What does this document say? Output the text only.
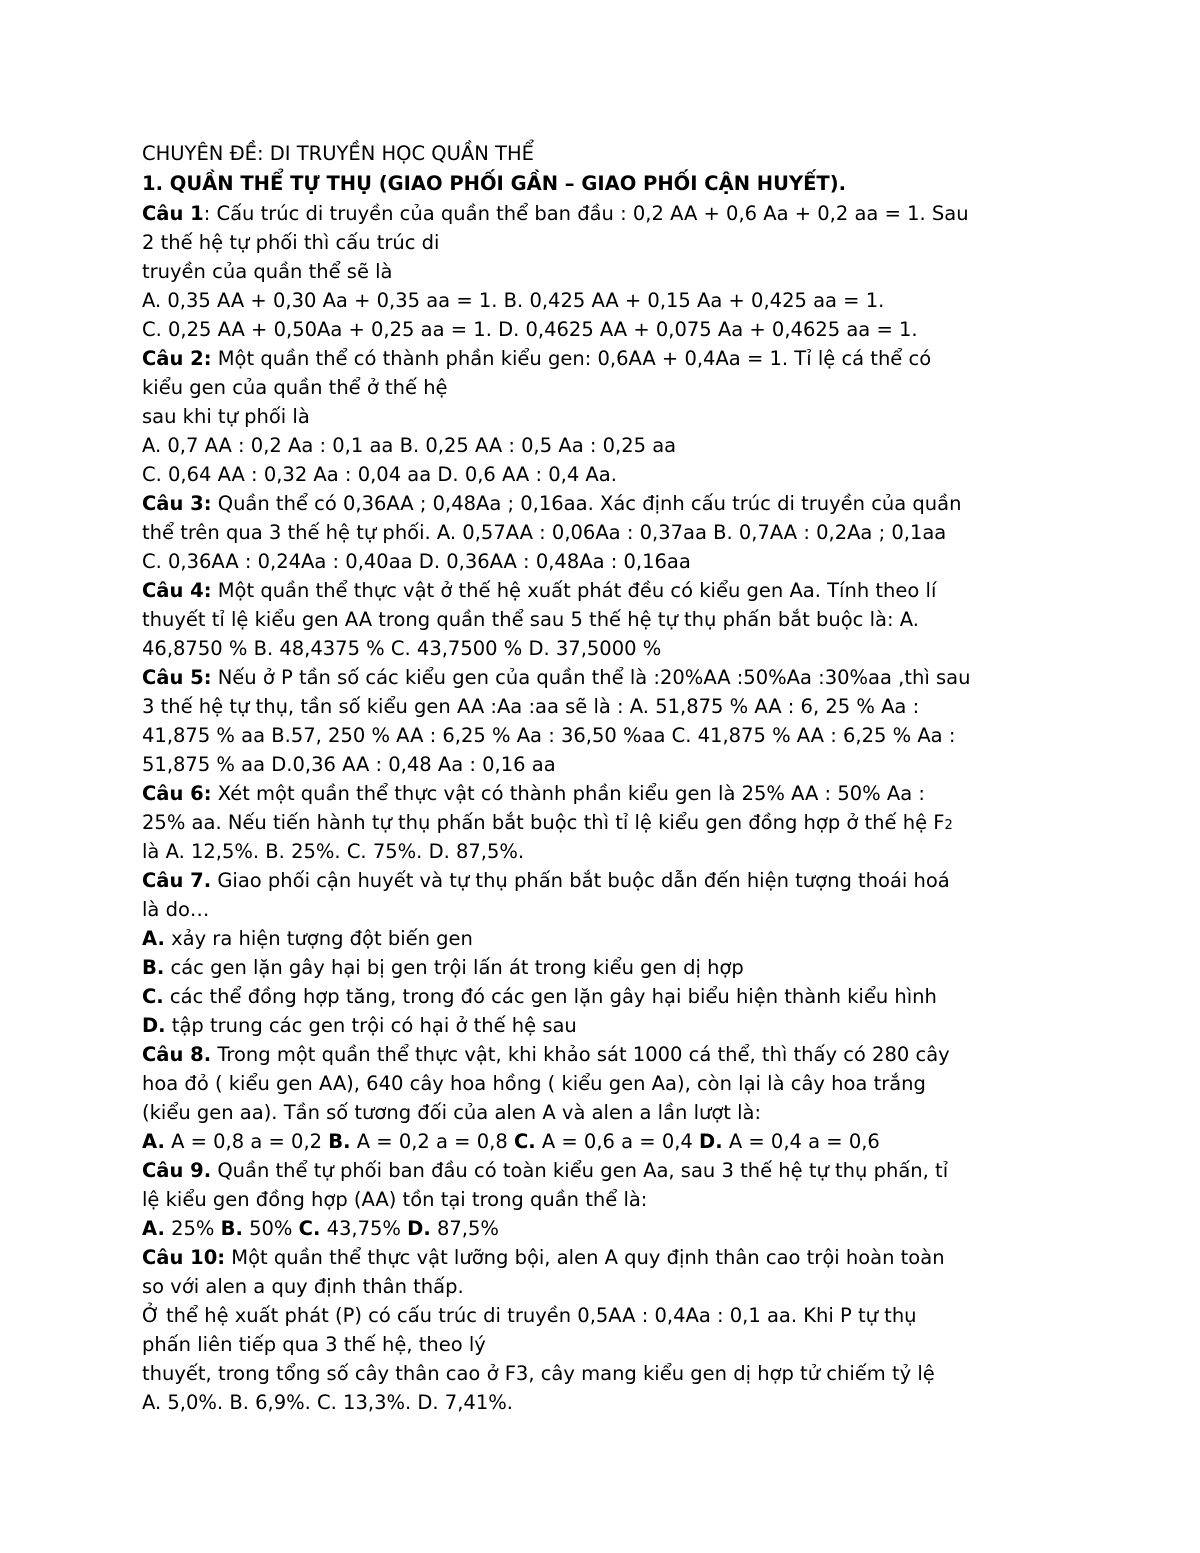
CHUYÊN ĐỀ: DI TRUYỀN HỌC QUẦN THỂ
1. QUẦN THỂ TỰ THỤ (GIAO PHỐI GẦN – GIAO PHỐI CẬN HUYẾT).
Câu 1: Cấu trúc di truyền của quần thể ban đầu : 0,2 AA + 0,6 Aa + 0,2 aa = 1. Sau
2 thế hệ tự phối thì cấu trúc di
truyền của quần thể sẽ là
A. 0,35 AA + 0,30 Aa + 0,35 aa = 1. B. 0,425 AA + 0,15 Aa + 0,425 aa = 1.
C. 0,25 AA + 0,50Aa + 0,25 aa = 1. D. 0,4625 AA + 0,075 Aa + 0,4625 aa = 1.
Câu 2: Một quần thể có thành phần kiểu gen: 0,6AA + 0,4Aa = 1. Tỉ lệ cá thể có
kiểu gen của quần thể ở thế hệ
sau khi tự phối là
A. 0,7 AA : 0,2 Aa : 0,1 aa B. 0,25 AA : 0,5 Aa : 0,25 aa
C. 0,64 AA : 0,32 Aa : 0,04 aa D. 0,6 AA : 0,4 Aa.
Câu 3: Quần thể có 0,36AA ; 0,48Aa ; 0,16aa. Xác định cấu trúc di truyền của quần
thể trên qua 3 thế hệ tự phối. A. 0,57AA : 0,06Aa : 0,37aa B. 0,7AA : 0,2Aa ; 0,1aa
C. 0,36AA : 0,24Aa : 0,40aa D. 0,36AA : 0,48Aa : 0,16aa
Câu 4: Một quần thể thực vật ở thế hệ xuất phát đều có kiểu gen Aa. Tính theo lí
thuyết tỉ lệ kiểu gen AA trong quần thể sau 5 thế hệ tự thụ phấn bắt buộc là: A.
46,8750 % B. 48,4375 % C. 43,7500 % D. 37,5000 %
Câu 5: Nếu ở P tần số các kiểu gen của quần thể là :20%AA :50%Aa :30%aa ,thì sau
3 thế hệ tự thụ, tần số kiểu gen AA :Aa :aa sẽ là : A. 51,875 % AA : 6, 25 % Aa :
41,875 % aa B.57, 250 % AA : 6,25 % Aa : 36,50 %aa C. 41,875 % AA : 6,25 % Aa :
51,875 % aa D.0,36 AA : 0,48 Aa : 0,16 aa
Câu 6: Xét một quần thể thực vật có thành phần kiểu gen là 25% AA : 50% Aa :
25% aa. Nếu tiến hành tự thụ phấn bắt buộc thì tỉ lệ kiểu gen đồng hợp ở thế hệ F2
là A. 12,5%. B. 25%. C. 75%. D. 87,5%.
Câu 7. Giao phối cận huyết và tự thụ phấn bắt buộc dẫn đến hiện tượng thoái hoá
là do…
A. xảy ra hiện tượng đột biến gen
B. các gen lặn gây hại bị gen trội lấn át trong kiểu gen dị hợp
C. các thể đồng hợp tăng, trong đó các gen lặn gây hại biểu hiện thành kiểu hình
D. tập trung các gen trội có hại ở thế hệ sau
Câu 8. Trong một quần thể thực vật, khi khảo sát 1000 cá thể, thì thấy có 280 cây
hoa đỏ ( kiểu gen AA), 640 cây hoa hồng ( kiểu gen Aa), còn lại là cây hoa trắng
(kiểu gen aa). Tần số tương đối của alen A và alen a lần lượt là:
A. A = 0,8 a = 0,2 B. A = 0,2 a = 0,8 C. A = 0,6 a = 0,4 D. A = 0,4 a = 0,6
Câu 9. Quần thể tự phối ban đầu có toàn kiểu gen Aa, sau 3 thế hệ tự thụ phấn, tỉ
lệ kiểu gen đồng hợp (AA) tồn tại trong quần thể là:
A. 25% B. 50% C. 43,75% D. 87,5%
Câu 10: Một quần thể thực vật lưỡng bội, alen A quy định thân cao trội hoàn toàn
so với alen a quy định thân thấp.
Ở thể hệ xuất phát (P) có cấu trúc di truyền 0,5AA : 0,4Aa : 0,1 aa. Khi P tự thụ
phấn liên tiếp qua 3 thế hệ, theo lý
thuyết, trong tổng số cây thân cao ở F3, cây mang kiểu gen dị hợp tử chiếm tỷ lệ
A. 5,0%. B. 6,9%. C. 13,3%. D. 7,41%.
